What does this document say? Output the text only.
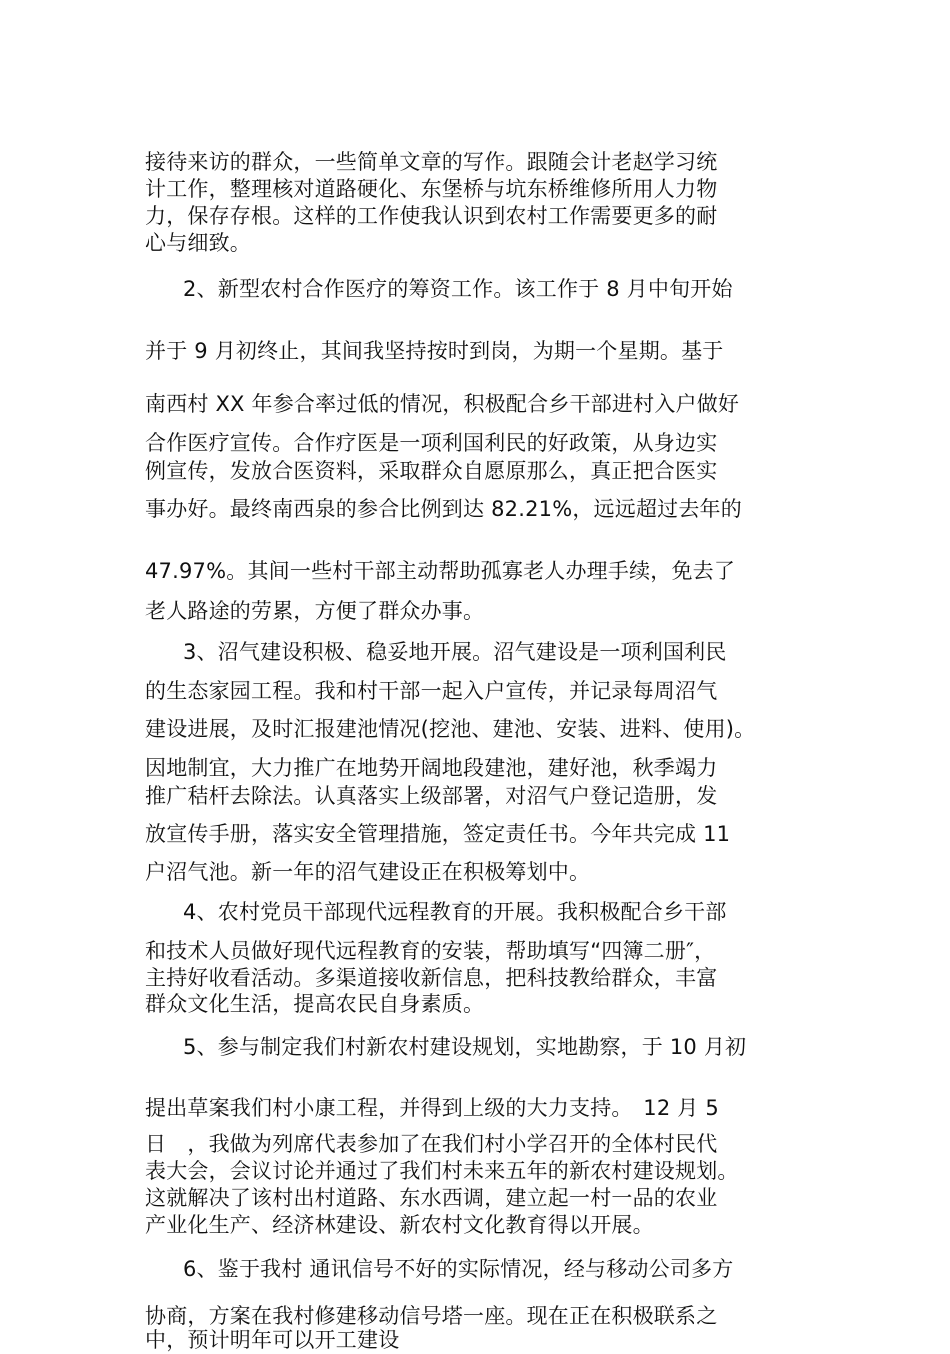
接待来访的群众，一些简单文章的写作。跟随会计老赵学习统
计工作，整理核对道路硬化、东堡桥与坑东桥维修所用人力物
力，保存存根。这样的工作使我认识到农村工作需要更多的耐
心与细致。
2、新型农村合作医疗的筹资工作。该工作于 8 月中旬开始
并于 9 月初终止，其间我坚持按时到岗，为期一个星期。基于
南西村 XX 年参合率过低的情况，积极配合乡干部进村入户做好
合作医疗宣传。合作疗医是一项利国利民的好政策，从身边实
例宣传，发放合医资料，采取群众自愿原那么，真正把合医实
事办好。最终南西泉的参合比例到达 82.21%，远远超过去年的
47.97%。其间一些村干部主动帮助孤寡老人办理手续，免去了
老人路途的劳累，方便了群众办事。
3、沼气建设积极、稳妥地开展。沼气建设是一项利国利民
的生态家园工程。我和村干部一起入户宣传，并记录每周沼气
建设进展，及时汇报建池情况(挖池、建池、安装、进料、使用)。
因地制宜，大力推广在地势开阔地段建池，建好池，秋季竭力
推广秸杆去除法。认真落实上级部署，对沼气户登记造册，发
放宣传手册，落实安全管理措施，签定责任书。今年共完成 11
户沼气池。新一年的沼气建设正在积极筹划中。
4、农村党员干部现代远程教育的开展。我积极配合乡干部
和技术人员做好现代远程教育的安装，帮助填写“四簿二册″，
主持好收看活动。多渠道接收新信息，把科技教给群众，丰富
群众文化生活，提高农民自身素质。
5、参与制定我们村新农村建设规划，实地勘察，于 10 月初
提出草案我们村小康工程，并得到上级的大力支持。　12 月 5
日　，我做为列席代表参加了在我们村小学召开的全体村民代
表大会，会议讨论并通过了我们村未来五年的新农村建设规划。
这就解决了该村出村道路、东水西调，建立起一村一品的农业
产业化生产、经济林建设、新农村文化教育得以开展。
6、鉴于我村 通讯信号不好的实际情况，经与移动公司多方
协商，方案在我村修建移动信号塔一座。现在正在积极联系之
中，预计明年可以开工建设
